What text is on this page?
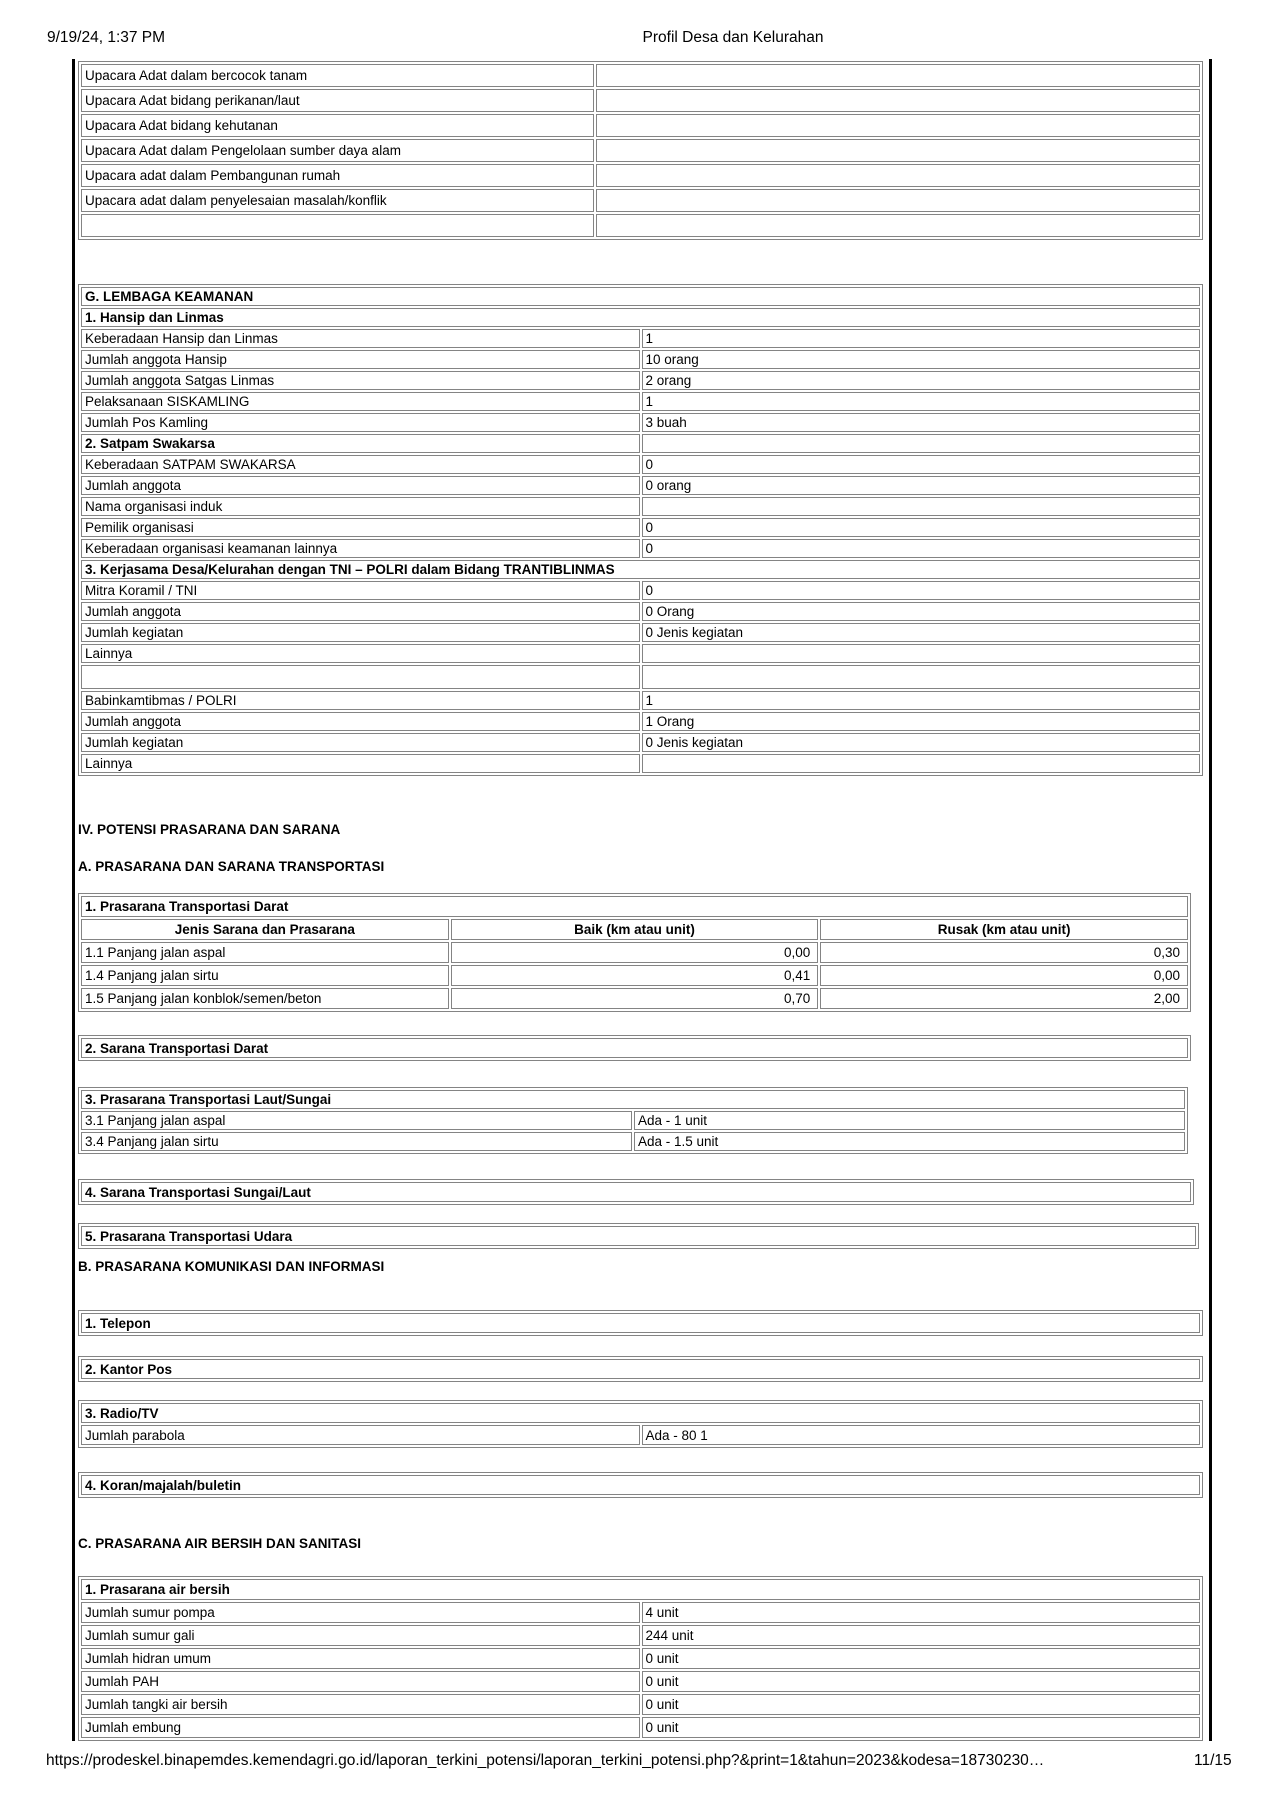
9/19/24, 1:37 PM	Profil Desa dan Kelurahan
Upacara Adat dalam bercocok tanam	
Upacara Adat bidang perikanan/laut	
Upacara Adat bidang kehutanan	
Upacara Adat dalam Pengelolaan sumber daya alam	
Upacara adat dalam Pembangunan rumah	
Upacara adat dalam penyelesaian masalah/konflik	

G. LEMBAGA KEAMANAN	
1. Hansip dan Linmas	
Keberadaan Hansip dan Linmas	1
Jumlah anggota Hansip	10 orang
Jumlah anggota Satgas Linmas	2 orang
Pelaksanaan SISKAMLING	1
Jumlah Pos Kamling	3 buah
2. Satpam Swakarsa	
Keberadaan SATPAM SWAKARSA	0
Jumlah anggota	0 orang
Nama organisasi induk	
Pemilik organisasi	0
Keberadaan organisasi keamanan lainnya	0
3. Kerjasama Desa/Kelurahan dengan TNI – POLRI dalam Bidang TRANTIBLINMAS	
Mitra Koramil / TNI	0
Jumlah anggota	0 Orang
Jumlah kegiatan	0 Jenis kegiatan
Lainnya	

Babinkamtibmas / POLRI	1
Jumlah anggota	1 Orang
Jumlah kegiatan	0 Jenis kegiatan
Lainnya	
IV. POTENSI PRASARANA DAN SARANA
A. PRASARANA DAN SARANA TRANSPORTASI
1. Prasarana Transportasi Darat		
Jenis Sarana dan Prasarana	Baik (km atau unit)	Rusak (km atau unit)
1.1 Panjang jalan aspal	0,00	0,30
1.4 Panjang jalan sirtu	0,41	0,00
1.5 Panjang jalan konblok/semen/beton	0,70	2,00
2. Sarana Transportasi Darat
3. Prasarana Transportasi Laut/Sungai	
3.1 Panjang jalan aspal	Ada - 1 unit
3.4 Panjang jalan sirtu	Ada - 1.5 unit
4. Sarana Transportasi Sungai/Laut
5. Prasarana Transportasi Udara
B. PRASARANA KOMUNIKASI DAN INFORMASI
1. Telepon
2. Kantor Pos
3. Radio/TV
Jumlah parabola	Ada - 80 1
4. Koran/majalah/buletin
C. PRASARANA AIR BERSIH DAN SANITASI
1. Prasarana air bersih	
Jumlah sumur pompa	4 unit
Jumlah sumur gali	244 unit
Jumlah hidran umum	0 unit
Jumlah PAH	0 unit
Jumlah tangki air bersih	0 unit
Jumlah embung	0 unit
https://prodeskel.binapemdes.kemendagri.go.id/laporan_terkini_potensi/laporan_terkini_potensi.php?&print=1&tahun=2023&kodesa=18730230…	11/15
